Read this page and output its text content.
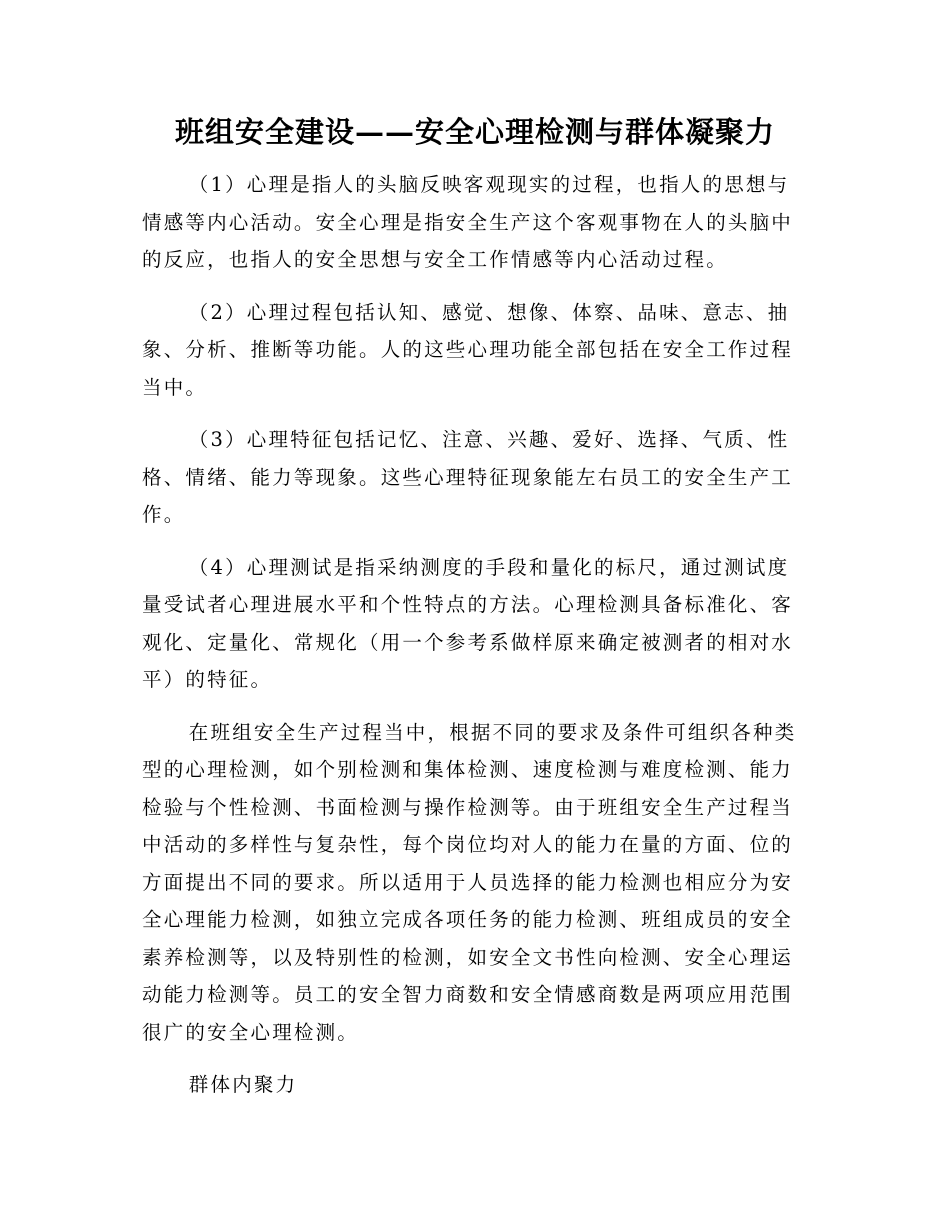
班组安全建设——安全心理检测与群体凝聚力

（1）心理是指人的头脑反映客观现实的过程，也指人的思想与情感等内心活动。安全心理是指安全生产这个客观事物在人的头脑中的反应，也指人的安全思想与安全工作情感等内心活动过程。

（2）心理过程包括认知、感觉、想像、体察、品味、意志、抽象、分析、推断等功能。人的这些心理功能全部包括在安全工作过程当中。

（3）心理特征包括记忆、注意、兴趣、爱好、选择、气质、性格、情绪、能力等现象。这些心理特征现象能左右员工的安全生产工作。

（4）心理测试是指采纳测度的手段和量化的标尺，通过测试度量受试者心理进展水平和个性特点的方法。心理检测具备标准化、客观化、定量化、常规化（用一个参考系做样原来确定被测者的相对水平）的特征。

在班组安全生产过程当中，根据不同的要求及条件可组织各种类型的心理检测，如个别检测和集体检测、速度检测与难度检测、能力检验与个性检测、书面检测与操作检测等。由于班组安全生产过程当中活动的多样性与复杂性，每个岗位均对人的能力在量的方面、位的方面提出不同的要求。所以适用于人员选择的能力检测也相应分为安全心理能力检测，如独立完成各项任务的能力检测、班组成员的安全素养检测等，以及特别性的检测，如安全文书性向检测、安全心理运动能力检测等。员工的安全智力商数和安全情感商数是两项应用范围很广的安全心理检测。

群体内聚力
